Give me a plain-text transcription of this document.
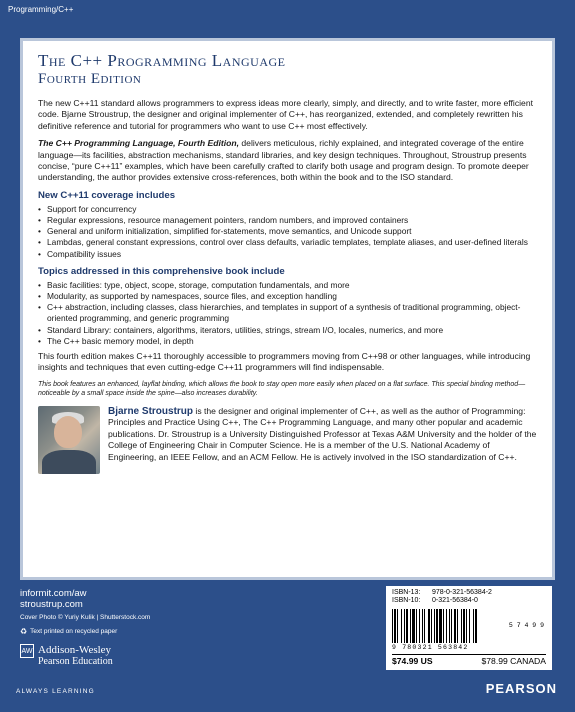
Programming/C++
The C++ Programming Language
Fourth Edition

The new C++11 standard allows programmers to express ideas more clearly, simply, and directly, and to write faster, more efficient code. Bjarne Stroustrup, the designer and original implementer of C++, has reorganized, extended, and completely rewritten his definitive reference and tutorial for programmers who want to use C++ most effectively.

The C++ Programming Language, Fourth Edition, delivers meticulous, richly explained, and integrated coverage of the entire language—its facilities, abstraction mechanisms, standard libraries, and key design techniques. Throughout, Stroustrup presents concise, “pure C++11” examples, which have been carefully crafted to clarify both usage and program design. To promote deeper understanding, the author provides extensive cross-references, both within the book and to the ISO standard.

New C++11 coverage includes
• Support for concurrency
• Regular expressions, resource management pointers, random numbers, and improved containers
• General and uniform initialization, simplified for-statements, move semantics, and Unicode support
• Lambdas, general constant expressions, control over class defaults, variadic templates, template aliases, and user-defined literals
• Compatibility issues
Topics addressed in this comprehensive book include
• Basic facilities: type, object, scope, storage, computation fundamentals, and more
• Modularity, as supported by namespaces, source files, and exception handling
• C++ abstraction, including classes, class hierarchies, and templates in support of a synthesis of traditional programming, object-oriented programming, and generic programming
• Standard Library: containers, algorithms, iterators, utilities, strings, stream I/O, locales, numerics, and more
• The C++ basic memory model, in depth

This fourth edition makes C++11 thoroughly accessible to programmers moving from C++98 or other languages, while introducing insights and techniques that even cutting-edge C++11 programmers will find indispensable.

This book features an enhanced, layflat binding, which allows the book to stay open more easily when placed on a flat surface. This special binding method—noticeable by a small space inside the spine—also increases durability.

Bjarne Stroustrup is the designer and original implementer of C++, as well as the author of Programming: Principles and Practice Using C++, The C++ Programming Language, and many other popular and academic publications. Dr. Stroustrup is a University Distinguished Professor at Texas A&M University and the holder of the College of Engineering Chair in Computer Science. He is a member of the U.S. National Academy of Engineering, an IEEE Fellow, and an ACM Fellow. He is actively involved in the ISO standardization of C++.

informit.com/aw
stroustrup.com
Cover Photo © Yuriy Kulik | Shutterstock.com
♻ Text printed on recycled paper
AW Addison-Wesley
Pearson Education
ALWAYS LEARNING	PEARSON
ISBN-13:	978-0-321-56384-2
ISBN-10:	0-321-56384-0
5 7 4 9 9
9 780321 563842
$74.99 US	$78.99 CANADA
